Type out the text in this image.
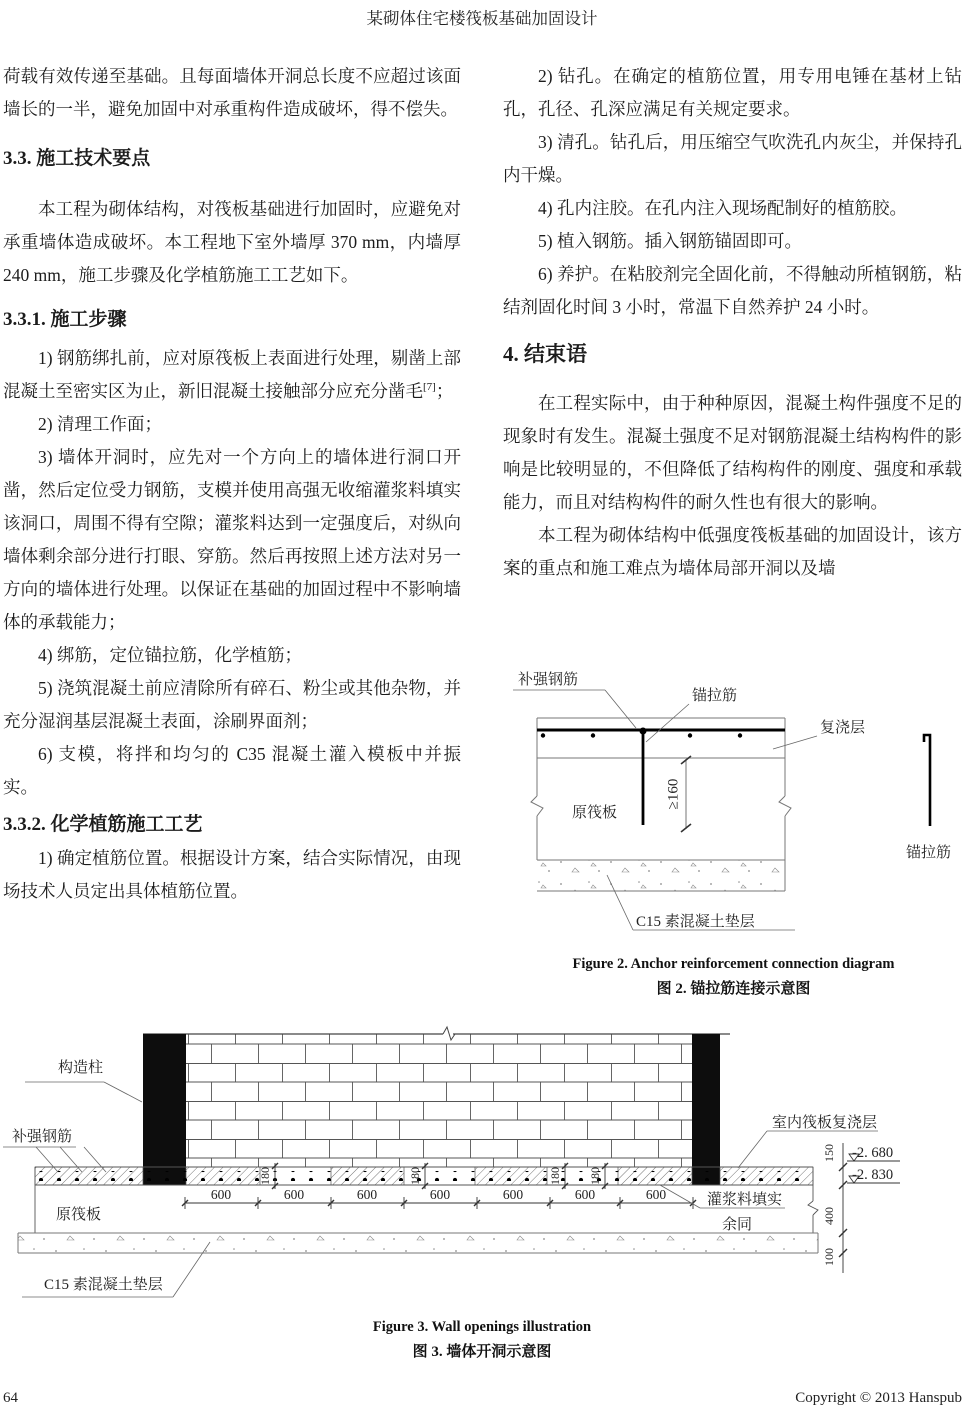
某砌体住宅楼筏板基础加固设计

荷载有效传递至基础。且每面墙体开洞总长度不应超过该面墙长的一半，避免加固中对承重构件造成破坏，得不偿失。

3.3. 施工技术要点

本工程为砌体结构，对筏板基础进行加固时，应避免对承重墙体造成破坏。本工程地下室外墙厚 370 mm，内墙厚 240 mm，施工步骤及化学植筋施工工艺如下。

3.3.1. 施工步骤

1) 钢筋绑扎前，应对原筏板上表面进行处理，剔凿上部混凝土至密实区为止，新旧混凝土接触部分应充分凿毛[7]；

2) 清理工作面；

3) 墙体开洞时，应先对一个方向上的墙体进行洞口开凿，然后定位受力钢筋，支模并使用高强无收缩灌浆料填实该洞口，周围不得有空隙；灌浆料达到一定强度后，对纵向墙体剩余部分进行打眼、穿筋。然后再按照上述方法对另一方向的墙体进行处理。以保证在基础的加固过程中不影响墙体的承载能力；

4) 绑筋，定位锚拉筋，化学植筋；

5) 浇筑混凝土前应清除所有碎石、粉尘或其他杂物，并充分湿润基层混凝土表面，涂刷界面剂；

6) 支模，将拌和均匀的 C35 混凝土灌入模板中并振实。

3.3.2. 化学植筋施工工艺

1) 确定植筋位置。根据设计方案，结合实际情况，由现场技术人员定出具体植筋位置。

2) 钻孔。在确定的植筋位置，用专用电锤在基材上钻孔，孔径、孔深应满足有关规定要求。

3) 清孔。钻孔后，用压缩空气吹洗孔内灰尘，并保持孔内干燥。

4) 孔内注胶。在孔内注入现场配制好的植筋胶。

5) 植入钢筋。插入钢筋锚固即可。

6) 养护。在粘胶剂完全固化前，不得触动所植钢筋，粘结剂固化时间 3 小时，常温下自然养护 24 小时。

4. 结束语

在工程实际中，由于种种原因，混凝土构件强度不足的现象时有发生。混凝土强度不足对钢筋混凝土结构构件的影响是比较明显的，不但降低了结构构件的刚度、强度和承载能力，而且对结构构件的耐久性也有很大的影响。

本工程为砌体结构中低强度筏板基础的加固设计，该方案的重点和施工难点为墙体局部开洞以及墙

≥160
补强钢筋
锚拉筋
复浇层
原筏板
C15 素混凝土垫层
锚拉筋
Figure 2. Anchor reinforcement connection diagram
图 2. 锚拉筋连接示意图
180	180	180 180
600	600	600	600	600	600	600
构造柱
补强钢筋
原筏板
C15 素混凝土垫层
室内筏板复浇层
灌浆料填实
余同
150
400
100
-2. 680
-2. 830
Figure 3. Wall openings illustration
图 3. 墙体开洞示意图
64	Copyright © 2013 Hanspub
